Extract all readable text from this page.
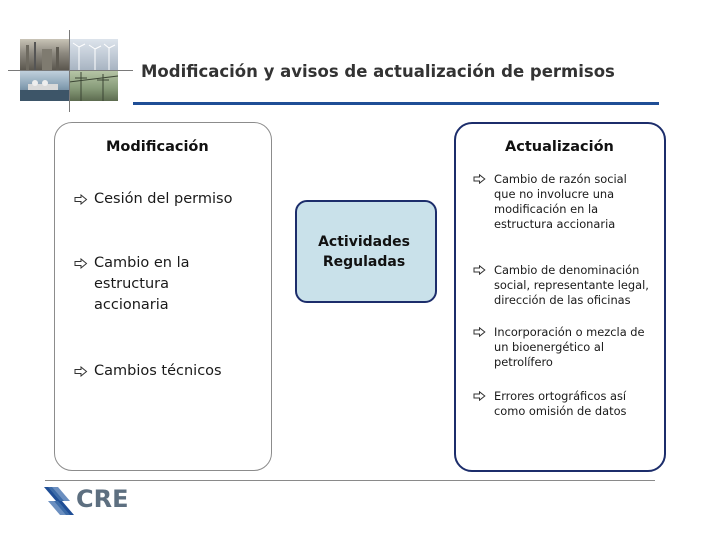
Modificación y avisos de actualización de permisos
Actividades
Reguladas
Modificación	Actualización
Cesión del permiso
Cambio en la
estructura
accionaria
Cambios técnicos
Cambio de razón social
que no involucre una
modificación en la
estructura accionaria
Cambio de denominación
social, representante legal,
dirección de las oficinas
Incorporación o mezcla de
un bioenergético al
petrolífero
Errores ortográficos así
como omisión de datos
CRE
